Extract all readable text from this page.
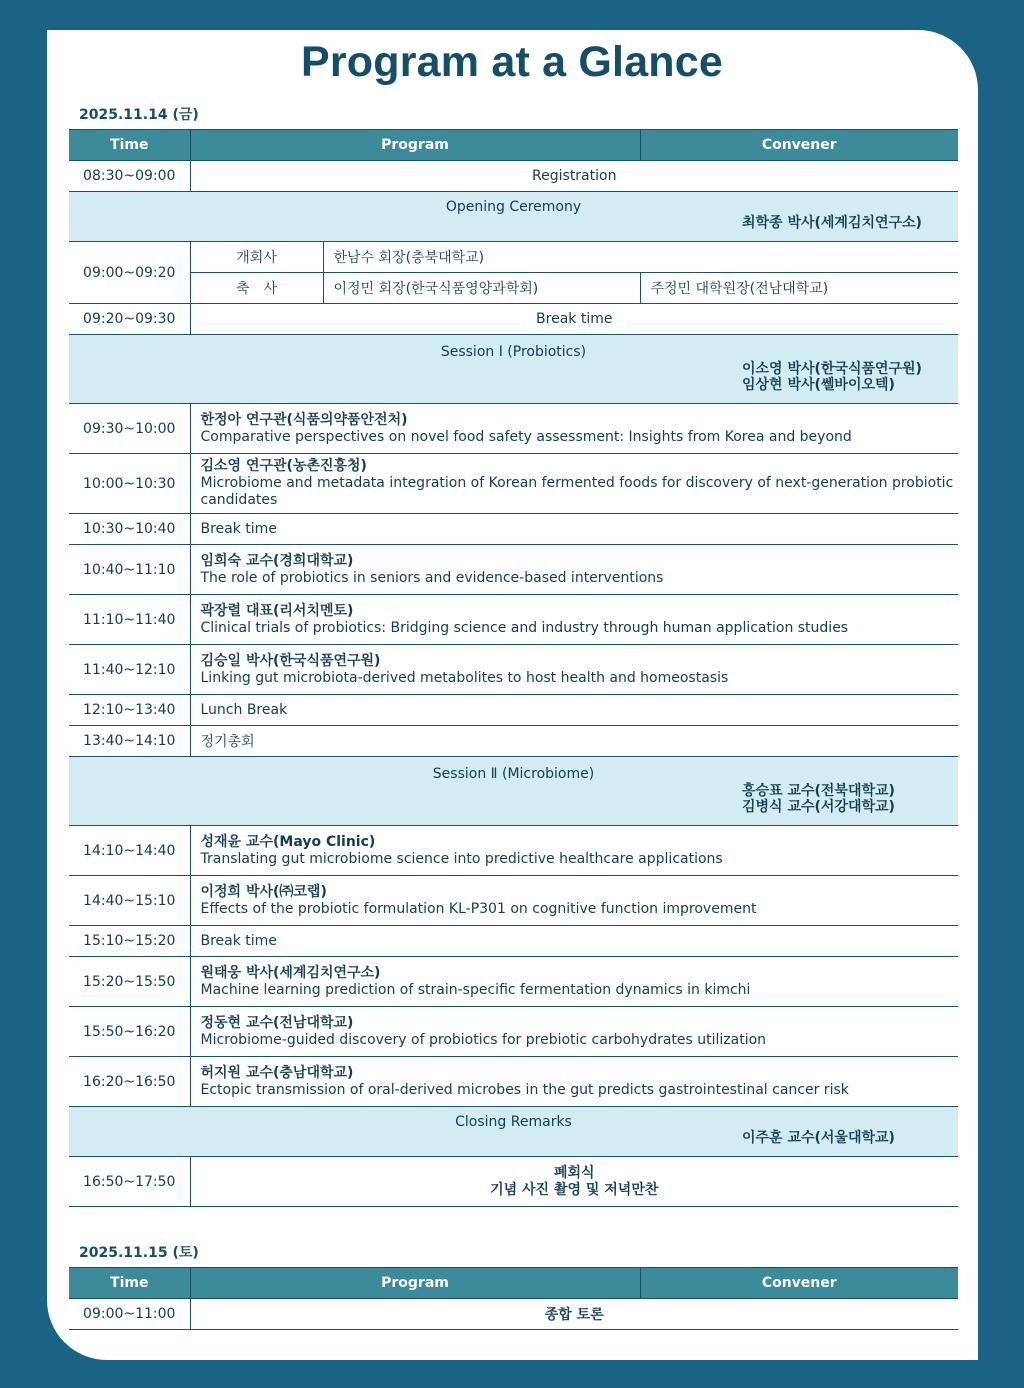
Program at a Glance
2025.11.14 (금)
Time	Program		Convener
08:30~09:00	Registration		

Opening Ceremony
최학종 박사(세계김치연구소)			

09:00~09:20	개회사	한남수 회장(충북대학교)	
	축　사	이정민 회장(한국식품영양과학회)	주정민 대학원장(전남대학교)
09:20~09:30	Break time		

Session I (Probiotics)
이소영 박사(한국식품연구원)
임상현 박사(쎌바이오텍)			

09:30~10:00	한정아 연구관(식품의약품안전처)
Comparative perspectives on novel food safety assessment: Insights from Korea and beyond		
10:00~10:30	김소영 연구관(농촌진흥청)
Microbiome and metadata integration of Korean fermented foods for discovery of next-generation probiotic candidates		
10:30~10:40	Break time		
10:40~11:10	임희숙 교수(경희대학교)
The role of probiotics in seniors and evidence-based interventions		
11:10~11:40	곽장렬 대표(리서치멘토)
Clinical trials of probiotics: Bridging science and industry through human application studies		
11:40~12:10	김승일 박사(한국식품연구원)
Linking gut microbiota-derived metabolites to host health and homeostasis		
12:10~13:40	Lunch Break		
13:40~14:10	정기총회		

Session Ⅱ (Microbiome)
홍승표 교수(전북대학교)
김병식 교수(서강대학교)			

14:10~14:40	성재윤 교수(Mayo Clinic)
Translating gut microbiome science into predictive healthcare applications		
14:40~15:10	이정희 박사(㈜코랩)
Effects of the probiotic formulation KL-P301 on cognitive function improvement		
15:10~15:20	Break time		
15:20~15:50	원태웅 박사(세계김치연구소)
Machine learning prediction of strain-specific fermentation dynamics in kimchi		
15:50~16:20	정동현 교수(전남대학교)
Microbiome-guided discovery of probiotics for prebiotic carbohydrates utilization		
16:20~16:50	허지원 교수(충남대학교)
Ectopic transmission of oral-derived microbes in the gut predicts gastrointestinal cancer risk		

Closing Remarks
이주훈 교수(서울대학교)			

16:50~17:50	폐회식
기념 사진 촬영 및 저녁만찬		
2025.11.15 (토)
Time	Program	Convener
09:00~11:00	종합 토론	
